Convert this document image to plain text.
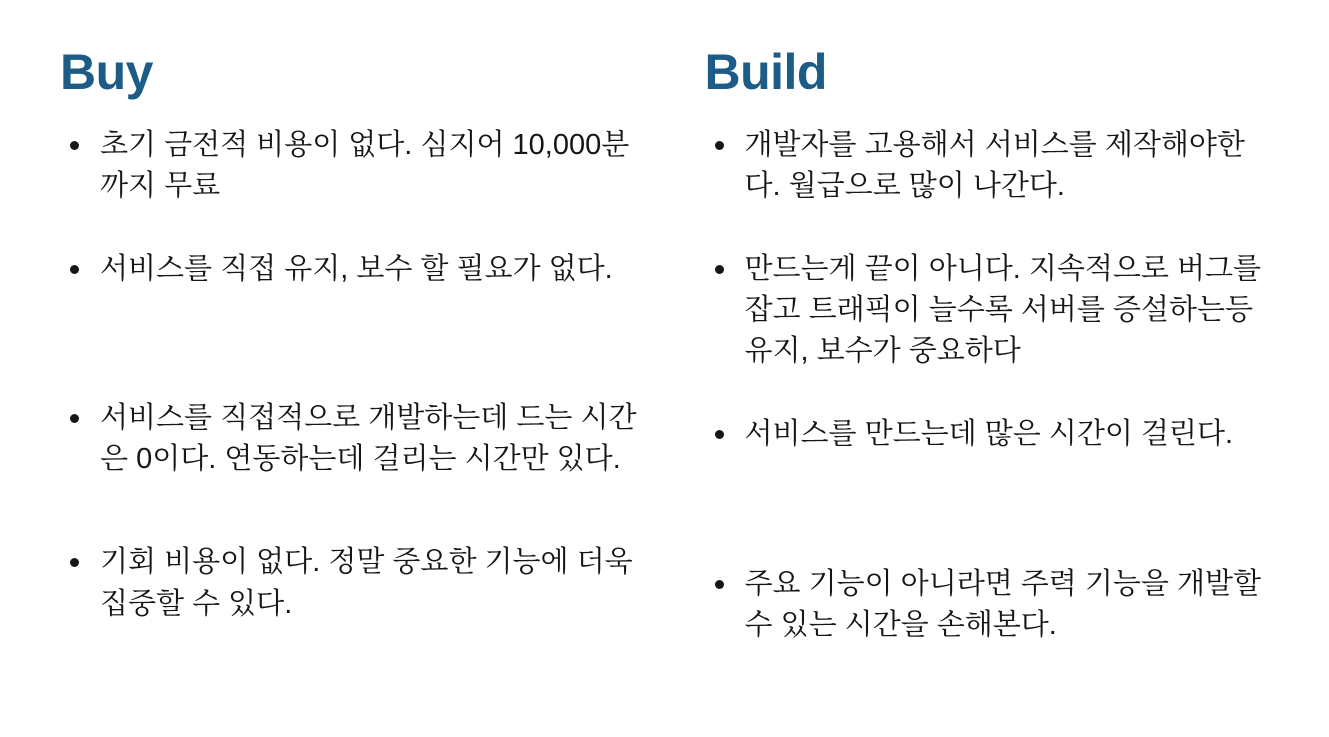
Buy
초기 금전적 비용이 없다. 심지어 10,000분까지 무료
서비스를 직접 유지, 보수 할 필요가 없다.
서비스를 직접적으로 개발하는데 드는 시간은 0이다. 연동하는데 걸리는 시간만 있다.
기회 비용이 없다. 정말 중요한 기능에 더욱 집중할 수 있다.
Build
개발자를 고용해서 서비스를 제작해야한다. 월급으로 많이 나간다.
만드는게 끝이 아니다. 지속적으로 버그를 잡고 트래픽이 늘수록 서버를 증설하는등 유지, 보수가 중요하다
서비스를 만드는데 많은 시간이 걸린다.
주요 기능이 아니라면 주력 기능을 개발할 수 있는 시간을 손해본다.
